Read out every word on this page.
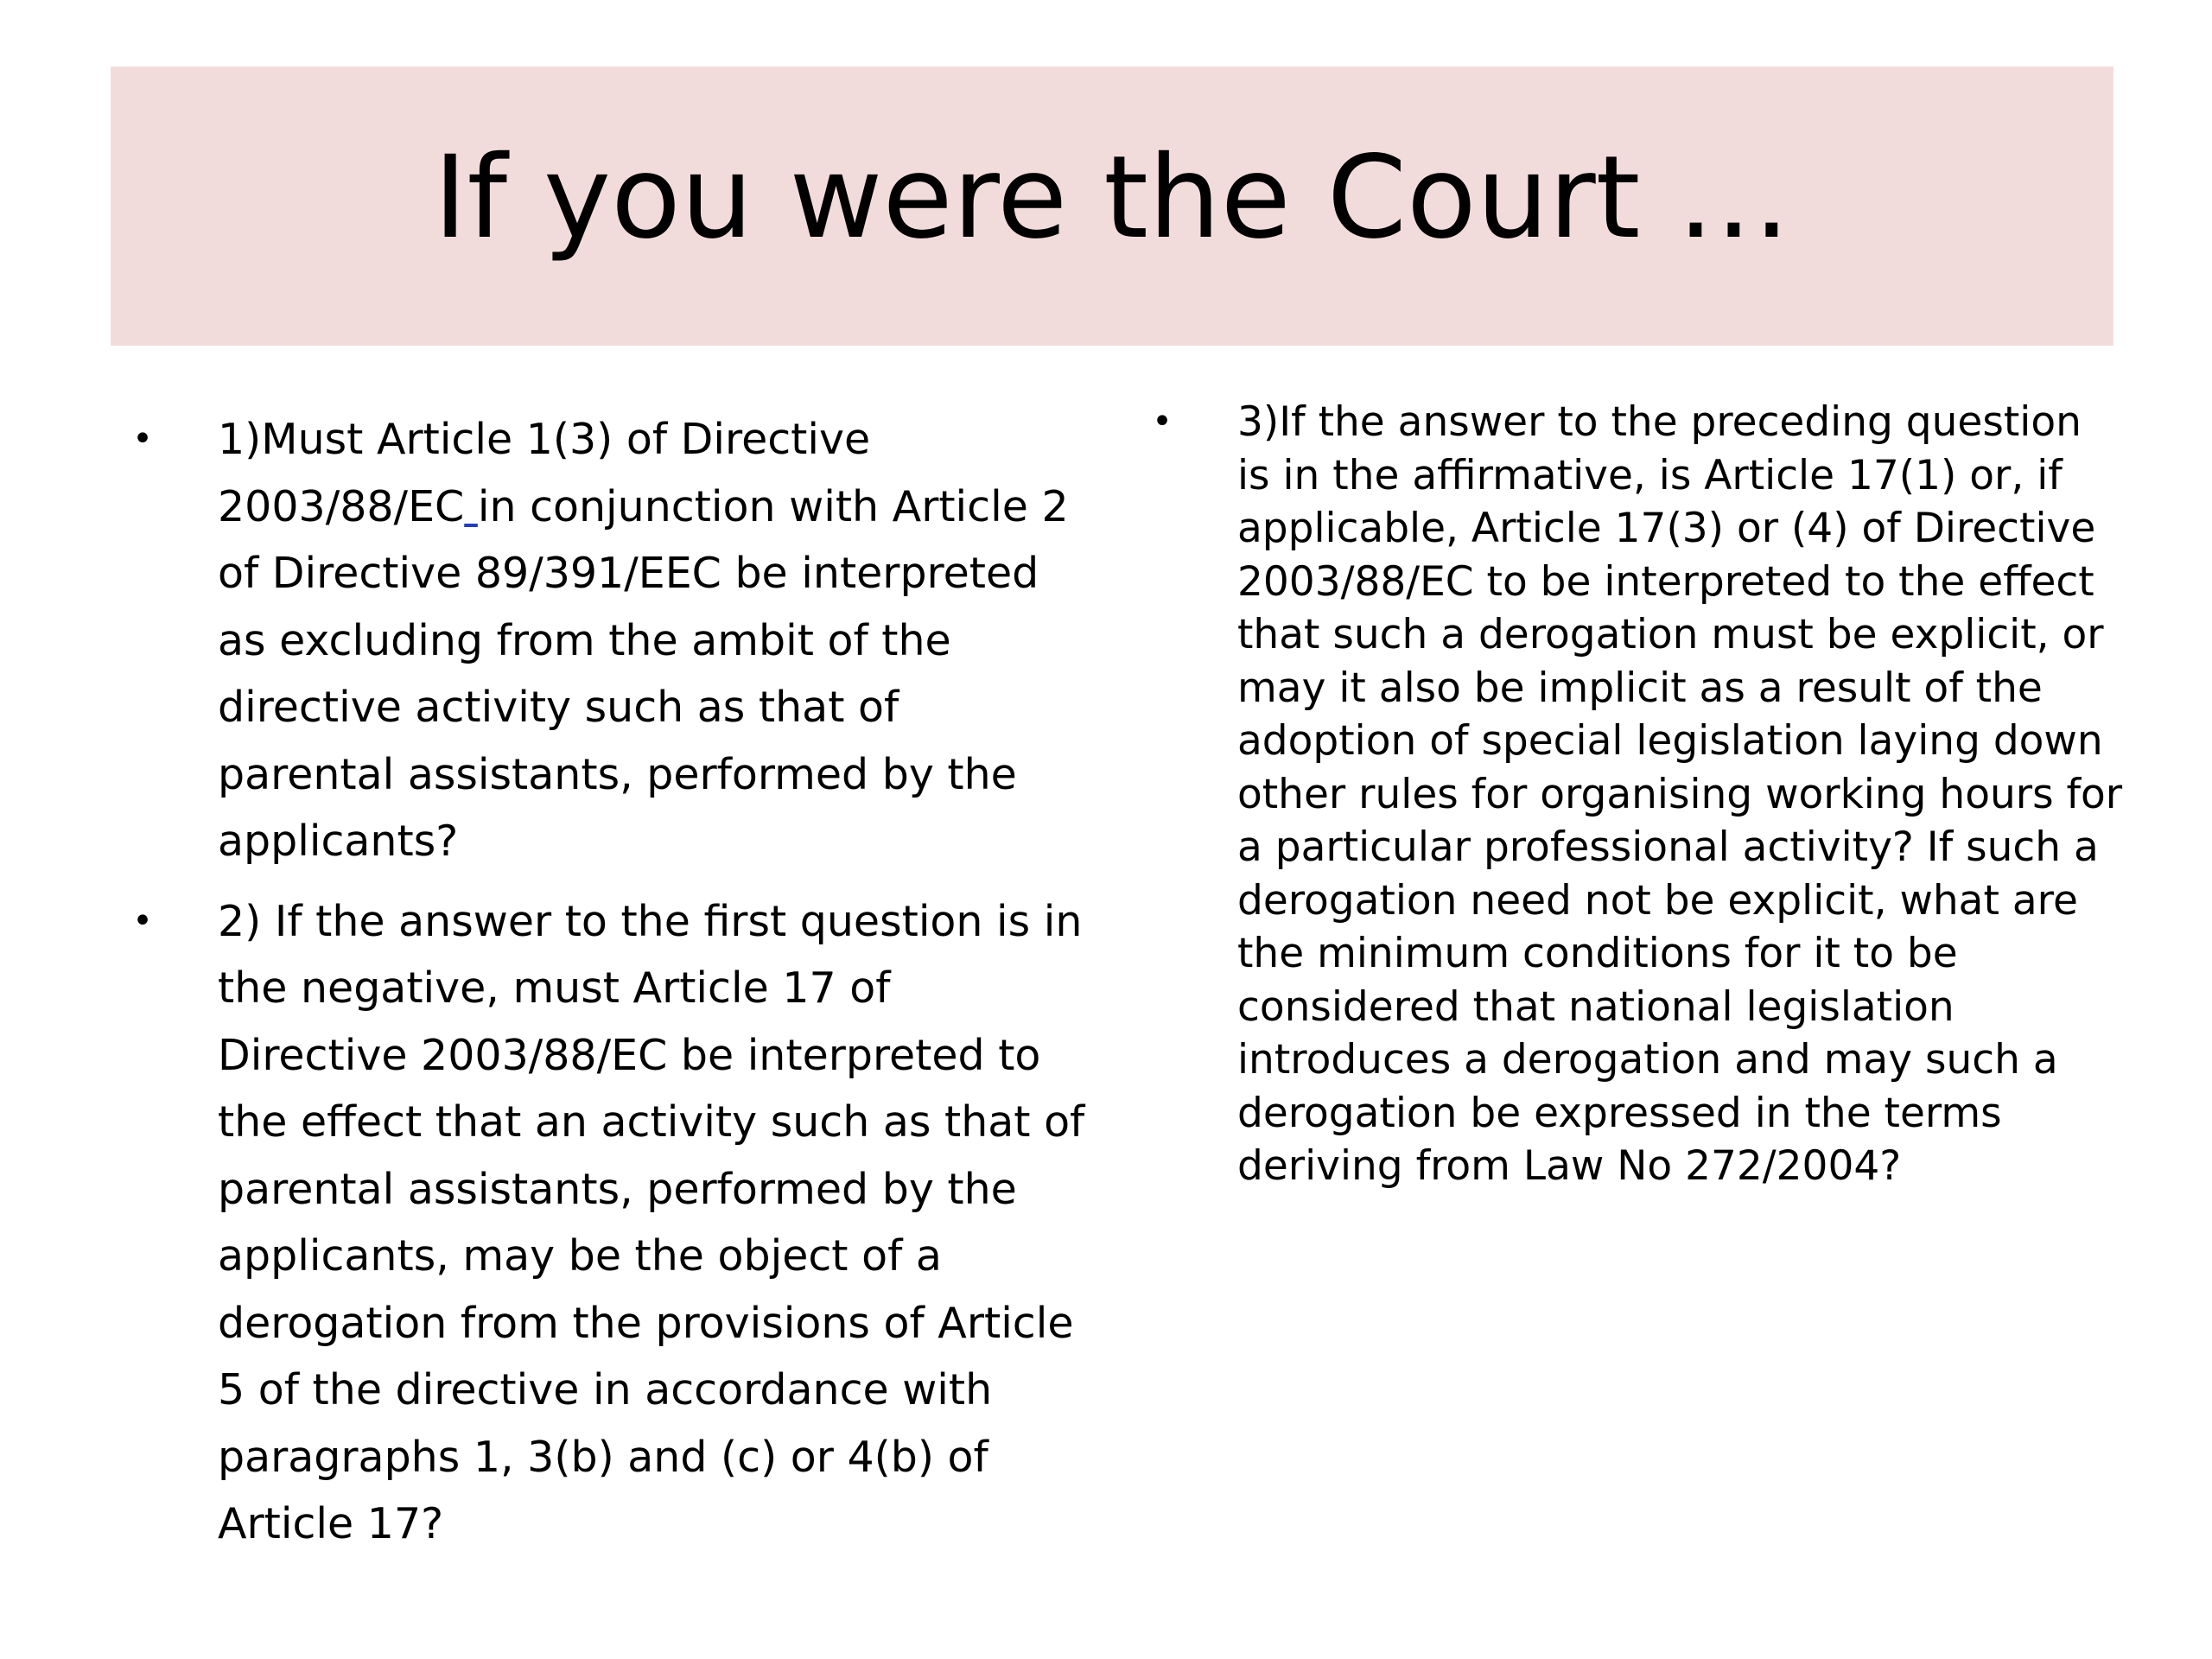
If you were the Court …
• 1)Must Article 1(3) of Directive 2003/88/EC in conjunction with Article 2 of Directive 89/391/EEC be interpreted as excluding from the ambit of the directive activity such as that of parental assistants, performed by the applicants?
• 2) If the answer to the first question is in the negative, must Article 17 of Directive 2003/88/EC be interpreted to the effect that an activity such as that of parental assistants, performed by the applicants, may be the object of a derogation from the provisions of Article 5 of the directive in accordance with paragraphs 1, 3(b) and (c) or 4(b) of Article 17?
• 3)If the answer to the preceding question is in the affirmative, is Article 17(1) or, if applicable, Article 17(3) or (4) of Directive 2003/88/EC to be interpreted to the effect that such a derogation must be explicit, or may it also be implicit as a result of the adoption of special legislation laying down other rules for organising working hours for a particular professional activity? If such a derogation need not be explicit, what are the minimum conditions for it to be considered that national legislation introduces a derogation and may such a derogation be expressed in the terms deriving from Law No 272/2004?
